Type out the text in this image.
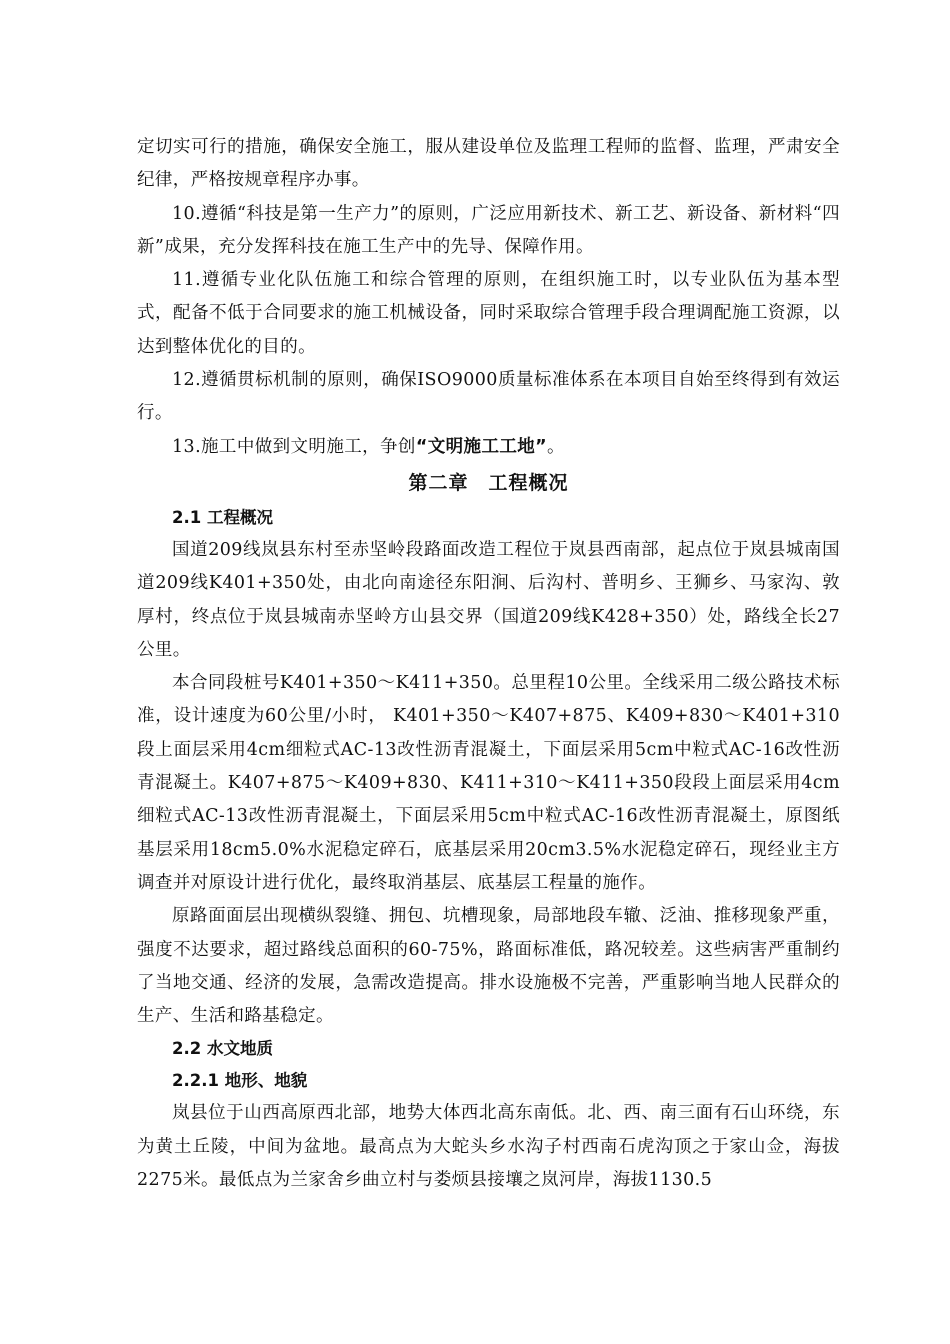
定切实可行的措施，确保安全施工，服从建设单位及监理工程师的监督、监理，严肃安全纪律，严格按规章程序办事。

10.遵循“科技是第一生产力”的原则，广泛应用新技术、新工艺、新设备、新材料“四新”成果，充分发挥科技在施工生产中的先导、保障作用。

11.遵循专业化队伍施工和综合管理的原则，在组织施工时，以专业队伍为基本型式，配备不低于合同要求的施工机械设备，同时采取综合管理手段合理调配施工资源，以达到整体优化的目的。

12.遵循贯标机制的原则，确保ISO9000质量标准体系在本项目自始至终得到有效运行。

13.施工中做到文明施工，争创“文明施工工地”。

第二章　工程概况
2.1 工程概况

国道209线岚县东村至赤坚岭段路面改造工程位于岚县西南部，起点位于岚县城南国道209线K401+350处，由北向南途径东阳涧、后沟村、普明乡、王狮乡、马家沟、敦厚村，终点位于岚县城南赤坚岭方山县交界（国道209线K428+350）处，路线全长27公里。

本合同段桩号K401+350～K411+350。总里程10公里。全线采用二级公路技术标准，设计速度为60公里/小时， K401+350～K407+875、K409+830～K401+310段上面层采用4cm细粒式AC-13改性沥青混凝土，下面层采用5cm中粒式AC-16改性沥青混凝土。K407+875～K409+830、K411+310～K411+350段段上面层采用4cm细粒式AC-13改性沥青混凝土，下面层采用5cm中粒式AC-16改性沥青混凝土，原图纸基层采用18cm5.0%水泥稳定碎石，底基层采用20cm3.5%水泥稳定碎石，现经业主方调查并对原设计进行优化，最终取消基层、底基层工程量的施作。

原路面面层出现横纵裂缝、拥包、坑槽现象，局部地段车辙、泛油、推移现象严重，强度不达要求，超过路线总面积的60-75%，路面标准低，路况较差。这些病害严重制约了当地交通、经济的发展，急需改造提高。排水设施极不完善，严重影响当地人民群众的生产、生活和路基稳定。

2.2 水文地质
2.2.1 地形、地貌

岚县位于山西高原西北部，地势大体西北高东南低。北、西、南三面有石山环绕，东为黄土丘陵，中间为盆地。最高点为大蛇头乡水沟子村西南石虎沟顶之于家山佥，海拔2275米。最低点为兰家舍乡曲立村与娄烦县接壤之岚河岸，海拔1130.5
